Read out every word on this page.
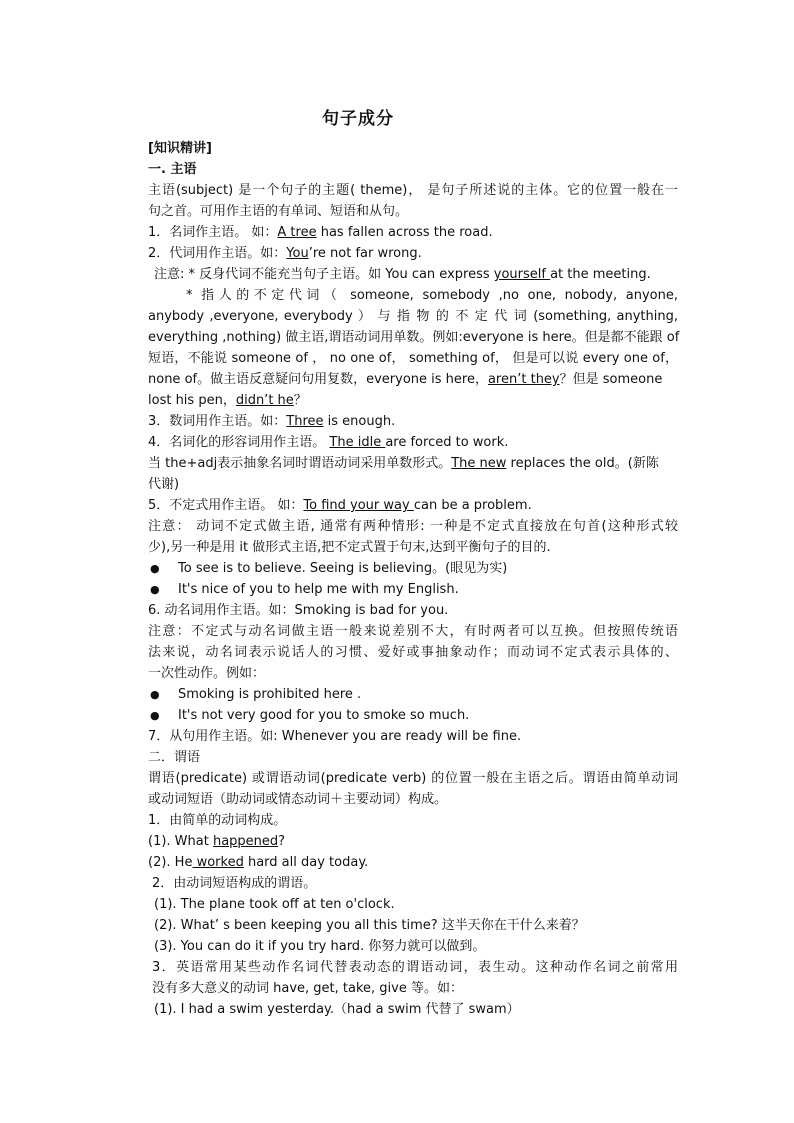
句子成分
[知识精讲]
一. 主语
主语(subject) 是一个句子的主题( theme)， 是句子所述说的主体。它的位置一般在一
句之首。可用作主语的有单词、短语和从句。
1．名词作主语。 如：A tree has fallen across the road.
2．代词用作主语。如：You’re not far wrong.
注意: * 反身代词不能充当句子主语。如 You can express yourself at the meeting.
* 指人的不定代词（ someone, somebody ,no one, nobody, anyone,
anybody ,everyone, everybody ） 与 指 物 的 不 定 代 词 (something, anything,
everything ,nothing) 做主语,谓语动词用单数。例如:everyone is here。但是都不能跟 of
短语，不能说 someone of ， no one of， something of， 但是可以说 every one of，
none of。做主语反意疑问句用复数，everyone is here，aren’t they？但是 someone
lost his pen，didn’t he？
3．数词用作主语。如：Three is enough.
4．名词化的形容词用作主语。 The idle are forced to work.
当 the+adj表示抽象名词时谓语动词采用单数形式。The new replaces the old。(新陈
代谢)
5．不定式用作主语。 如：To find your way can be a problem.
注意： 动词不定式做主语, 通常有两种情形: 一种是不定式直接放在句首(这种形式较
少),另一种是用 it 做形式主语,把不定式置于句末,达到平衡句子的目的.
● To see is to believe. Seeing is believing。(眼见为实)
● It's nice of you to help me with my English.
6. 动名词用作主语。如：Smoking is bad for you.
注意：不定式与动名词做主语一般来说差别不大，有时两者可以互换。但按照传统语
法来说，动名词表示说话人的习惯、爱好或事抽象动作；而动词不定式表示具体的、
一次性动作。例如：
● Smoking is prohibited here .
● It's not very good for you to smoke so much.
7．从句用作主语。如: Whenever you are ready will be fine.
二．谓语
谓语(predicate) 或谓语动词(predicate verb) 的位置一般在主语之后。谓语由简单动词
或动词短语（助动词或情态动词＋主要动词）构成。
1．由简单的动词构成。
(1). What happened?
(2). He worked hard all day today.
2．由动词短语构成的谓语。
(1). The plane took off at ten o'clock.
(2). What’ s been keeping you all this time? 这半天你在干什么来着？
(3). You can do it if you try hard. 你努力就可以做到。
3．英语常用某些动作名词代替表动态的谓语动词，表生动。这种动作名词之前常用
没有多大意义的动词 have, get, take, give 等。如：
(1). I had a swim yesterday.（had a swim 代替了 swam）
